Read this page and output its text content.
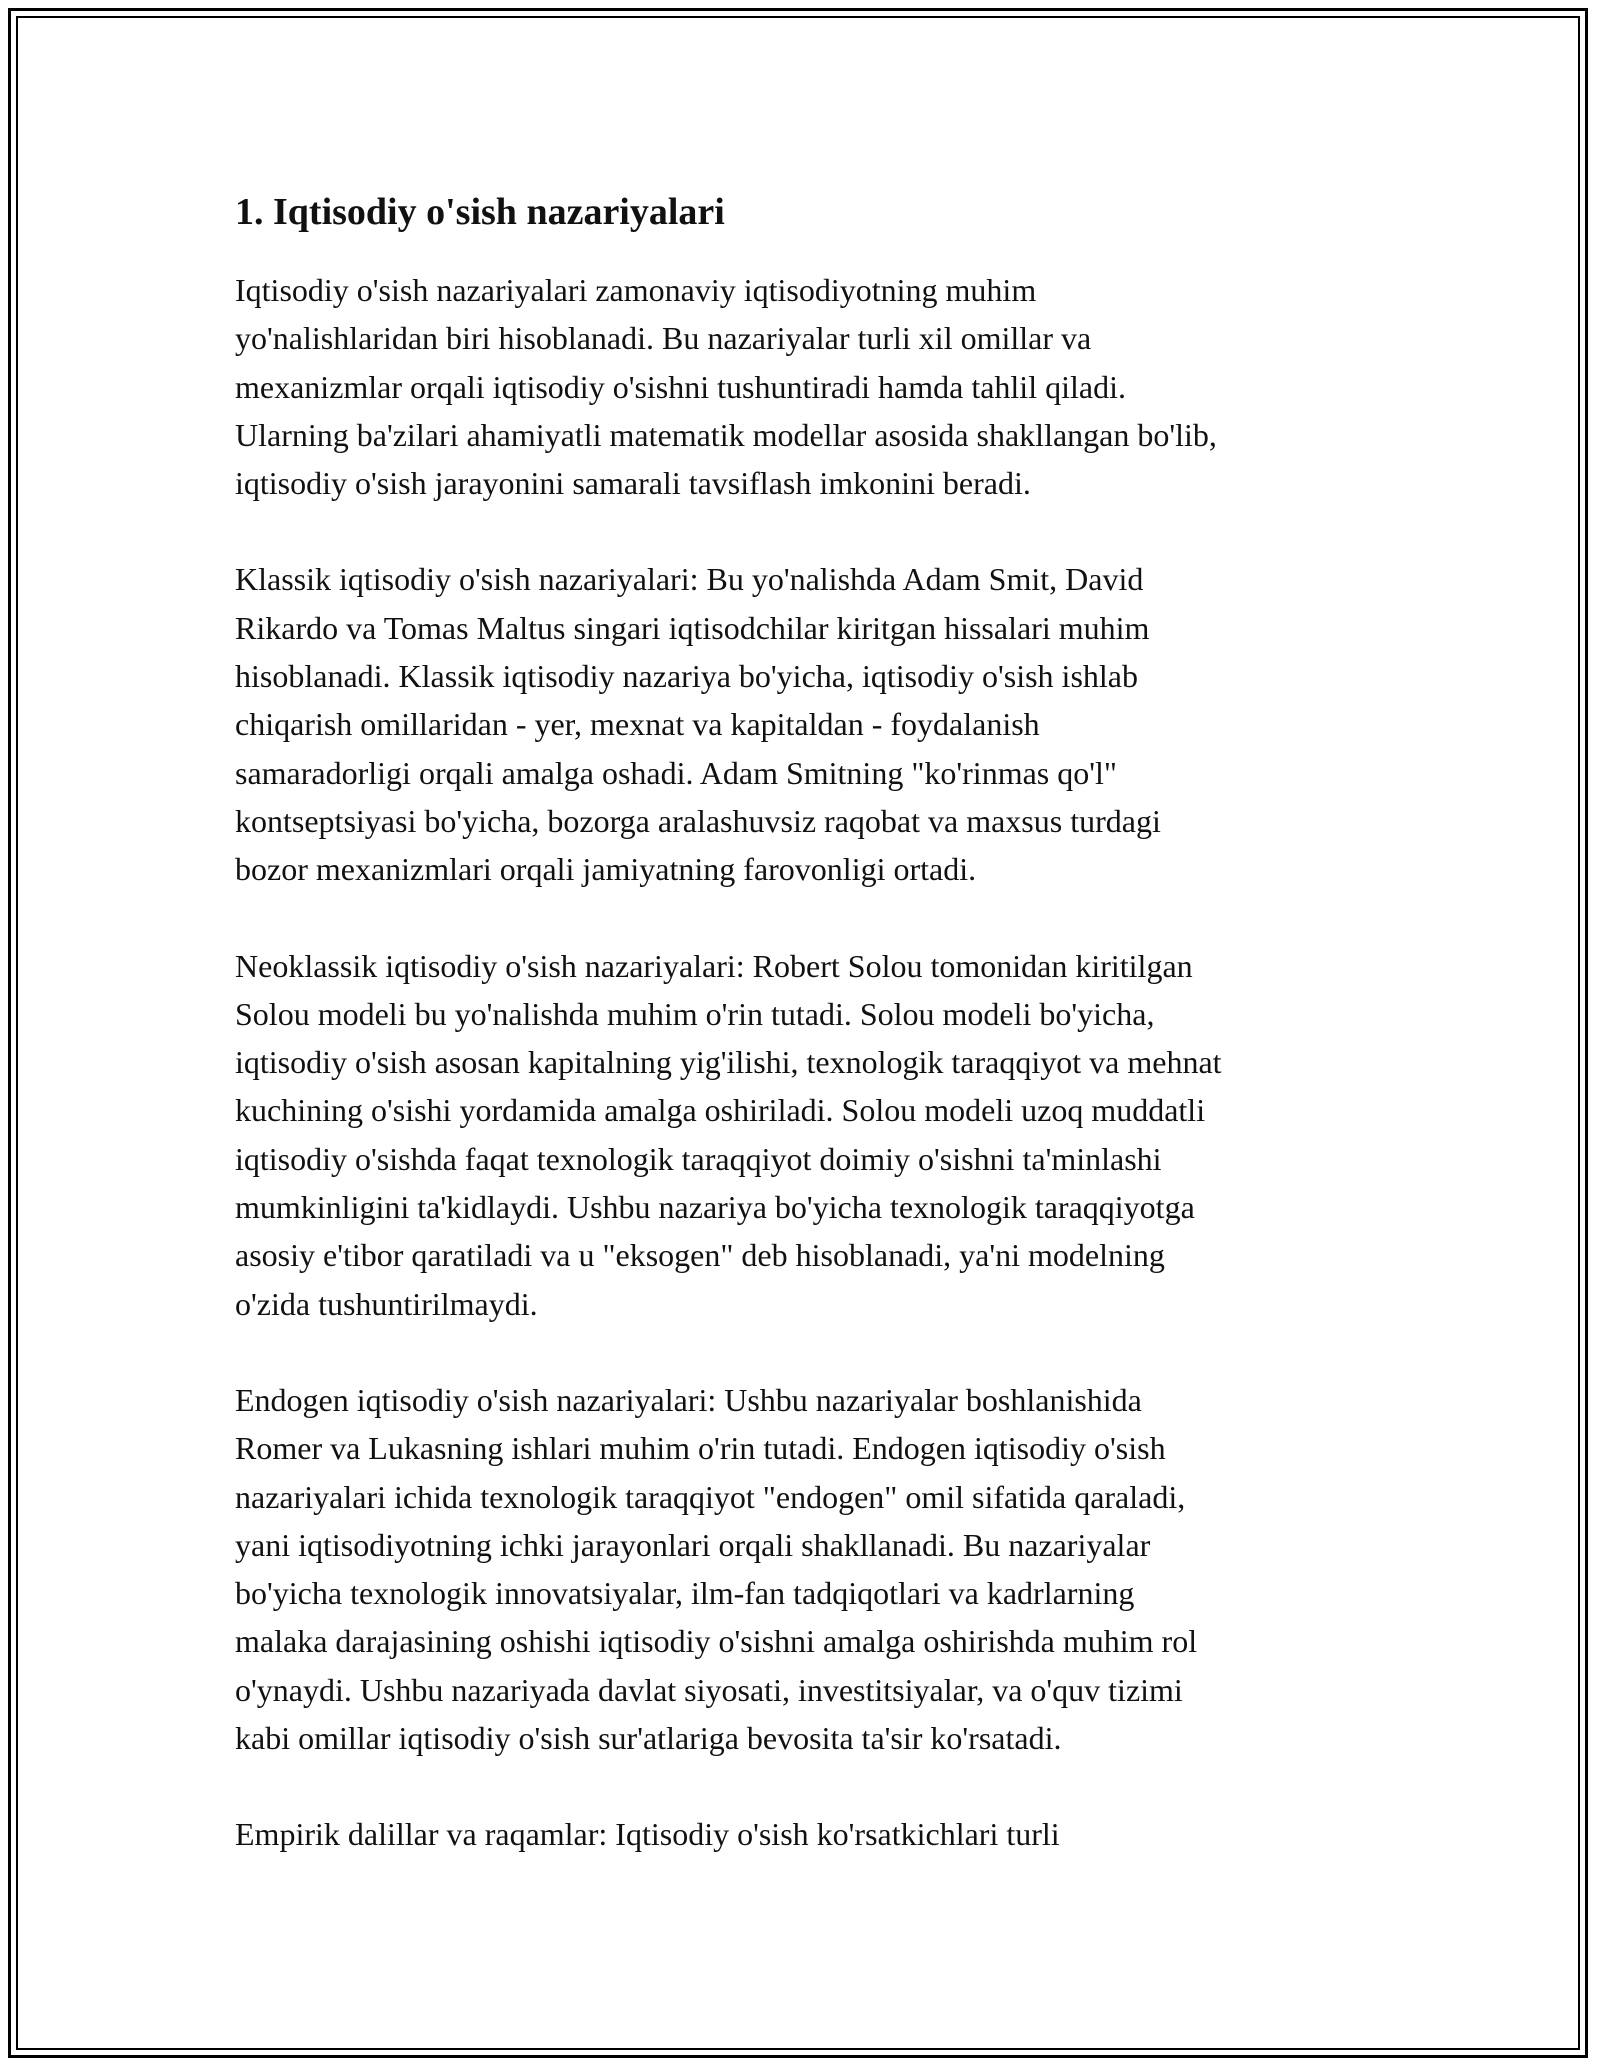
1. Iqtisodiy o'sish nazariyalari

Iqtisodiy o'sish nazariyalari zamonaviy iqtisodiyotning muhim
yo'nalishlaridan biri hisoblanadi. Bu nazariyalar turli xil omillar va
mexanizmlar orqali iqtisodiy o'sishni tushuntiradi hamda tahlil qiladi.
Ularning ba'zilari ahamiyatli matematik modellar asosida shakllangan bo'lib,
iqtisodiy o'sish jarayonini samarali tavsiflash imkonini beradi.

Klassik iqtisodiy o'sish nazariyalari: Bu yo'nalishda Adam Smit, David
Rikardo va Tomas Maltus singari iqtisodchilar kiritgan hissalari muhim
hisoblanadi. Klassik iqtisodiy nazariya bo'yicha, iqtisodiy o'sish ishlab
chiqarish omillaridan - yer, mexnat va kapitaldan - foydalanish
samaradorligi orqali amalga oshadi. Adam Smitning "ko'rinmas qo'l"
kontseptsiyasi bo'yicha, bozorga aralashuvsiz raqobat va maxsus turdagi
bozor mexanizmlari orqali jamiyatning farovonligi ortadi.

Neoklassik iqtisodiy o'sish nazariyalari: Robert Solou tomonidan kiritilgan
Solou modeli bu yo'nalishda muhim o'rin tutadi. Solou modeli bo'yicha,
iqtisodiy o'sish asosan kapitalning yig'ilishi, texnologik taraqqiyot va mehnat
kuchining o'sishi yordamida amalga oshiriladi. Solou modeli uzoq muddatli
iqtisodiy o'sishda faqat texnologik taraqqiyot doimiy o'sishni ta'minlashi
mumkinligini ta'kidlaydi. Ushbu nazariya bo'yicha texnologik taraqqiyotga
asosiy e'tibor qaratiladi va u "eksogen" deb hisoblanadi, ya'ni modelning
o'zida tushuntirilmaydi.

Endogen iqtisodiy o'sish nazariyalari: Ushbu nazariyalar boshlanishida
Romer va Lukasning ishlari muhim o'rin tutadi. Endogen iqtisodiy o'sish
nazariyalari ichida texnologik taraqqiyot "endogen" omil sifatida qaraladi,
yani iqtisodiyotning ichki jarayonlari orqali shakllanadi. Bu nazariyalar
bo'yicha texnologik innovatsiyalar, ilm-fan tadqiqotlari va kadrlarning
malaka darajasining oshishi iqtisodiy o'sishni amalga oshirishda muhim rol
o'ynaydi. Ushbu nazariyada davlat siyosati, investitsiyalar, va o'quv tizimi
kabi omillar iqtisodiy o'sish sur'atlariga bevosita ta'sir ko'rsatadi.

Empirik dalillar va raqamlar: Iqtisodiy o'sish ko'rsatkichlari turli
